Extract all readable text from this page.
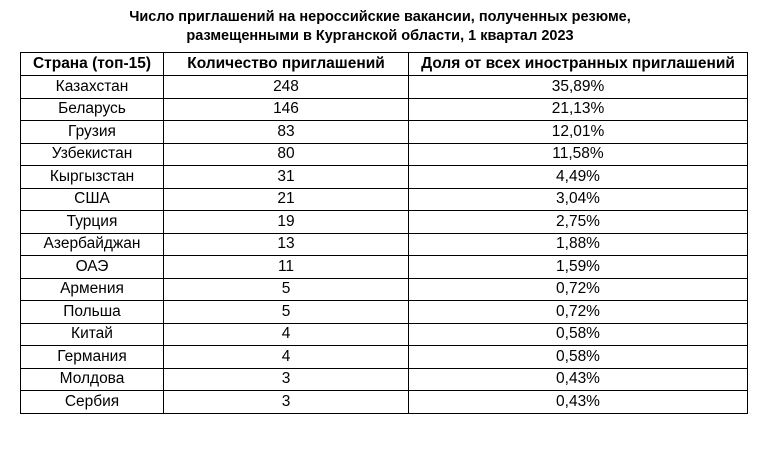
Число приглашений на нероссийские вакансии, полученных резюме,
размещенными в Курганской области, 1 квартал 2023
Страна (топ-15)	Количество приглашений	Доля от всех иностранных приглашений
Казахстан	248	35,89%
Беларусь	146	21,13%
Грузия	83	12,01%
Узбекистан	80	11,58%
Кыргызстан	31	4,49%
США	21	3,04%
Турция	19	2,75%
Азербайджан	13	1,88%
ОАЭ	11	1,59%
Армения	5	0,72%
Польша	5	0,72%
Китай	4	0,58%
Германия	4	0,58%
Молдова	3	0,43%
Сербия	3	0,43%
